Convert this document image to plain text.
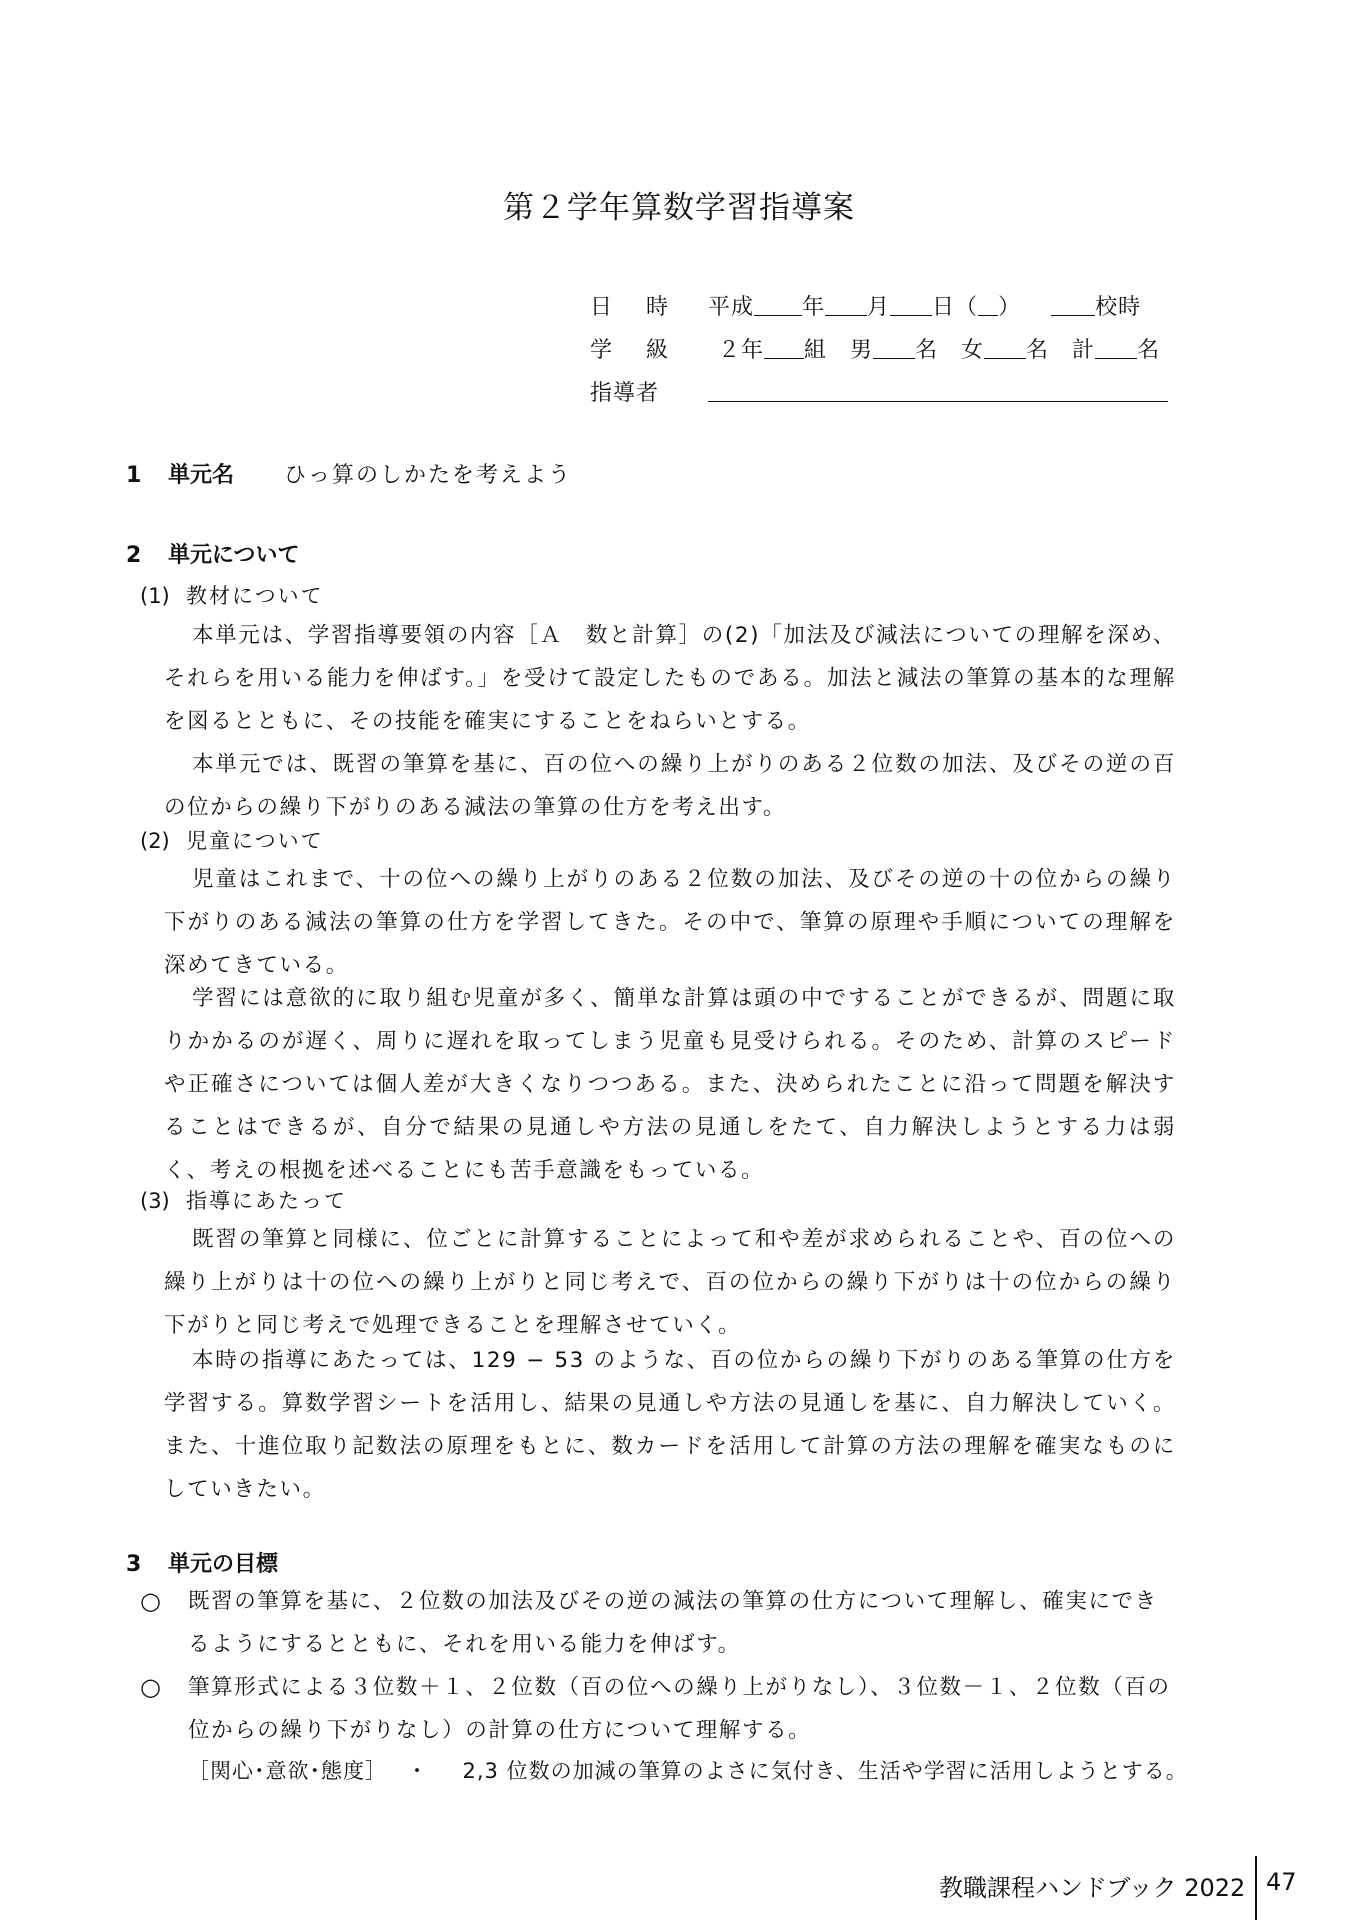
第２学年算数学習指導案
日　時 平成 年 月 日（ ）	校時
学　級 ２年 組　男 名　女 名　計 名
指導者
1 単元名 ひっ算のしかたを考えよう
2 単元について
(1) 教材について

本単元は、学習指導要領の内容［Ａ　数と計算］の(2)「加法及び減法についての理解を深め、それらを用いる能力を伸ばす。」を受けて設定したものである。加法と減法の筆算の基本的な理解を図るとともに、その技能を確実にすることをねらいとする。

本単元では、既習の筆算を基に、百の位への繰り上がりのある２位数の加法、及びその逆の百の位からの繰り下がりのある減法の筆算の仕方を考え出す。

(2) 児童について

児童はこれまで、十の位への繰り上がりのある２位数の加法、及びその逆の十の位からの繰り下がりのある減法の筆算の仕方を学習してきた。その中で、筆算の原理や手順についての理解を深めてきている。

学習には意欲的に取り組む児童が多く、簡単な計算は頭の中ですることができるが、問題に取りかかるのが遅く、周りに遅れを取ってしまう児童も見受けられる。そのため、計算のスピードや正確さについては個人差が大きくなりつつある。また、決められたことに沿って問題を解決することはできるが、自分で結果の見通しや方法の見通しをたて、自力解決しようとする力は弱く、考えの根拠を述べることにも苦手意識をもっている。

(3) 指導にあたって

既習の筆算と同様に、位ごとに計算することによって和や差が求められることや、百の位への繰り上がりは十の位への繰り上がりと同じ考えで、百の位からの繰り下がりは十の位からの繰り下がりと同じ考えで処理できることを理解させていく。

本時の指導にあたっては、129 − 53 のような、百の位からの繰り下がりのある筆算の仕方を学習する。算数学習シートを活用し、結果の見通しや方法の見通しを基に、自力解決していく。また、十進位取り記数法の原理をもとに、数カードを活用して計算の方法の理解を確実なものにしていきたい。

3 単元の目標
○ 既習の筆算を基に、２位数の加法及びその逆の減法の筆算の仕方について理解し、確実にできるようにするとともに、それを用いる能力を伸ばす。
○ 筆算形式による３位数＋１、２位数（百の位への繰り上がりなし）、３位数－１、２位数（百の位からの繰り下がりなし）の計算の仕方について理解する。
［関心･意欲･態度］ ・ 2,3 位数の加減の筆算のよさに気付き、生活や学習に活用しようとする。
教職課程ハンドブック 2022 47
